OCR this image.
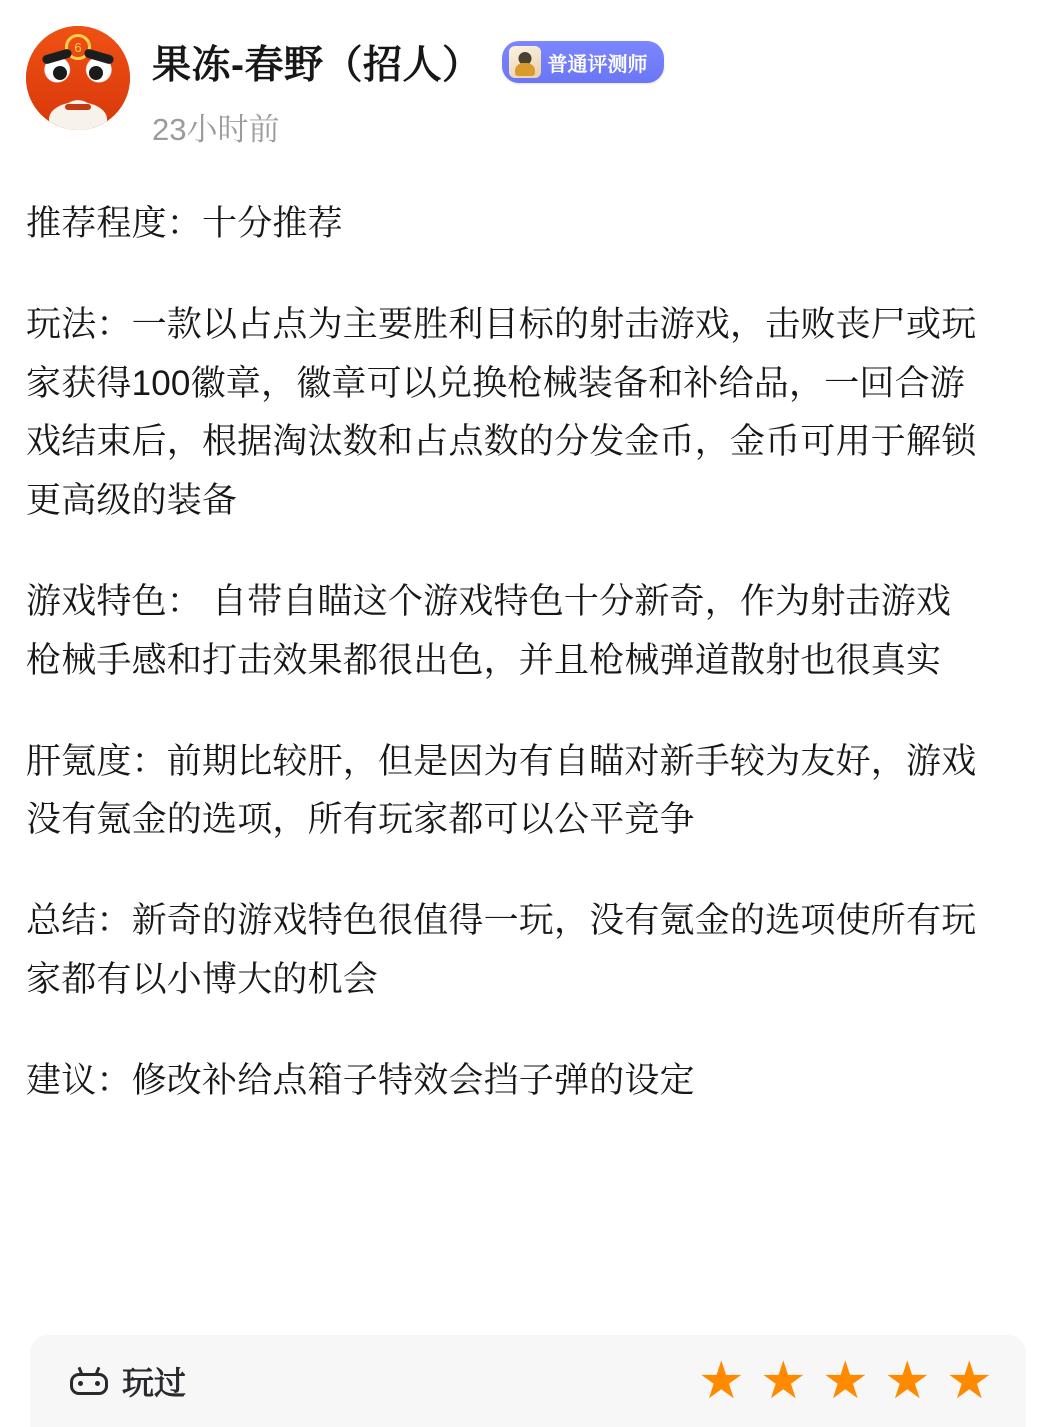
6 果冻-春野（招人）	普通评测师
23小时前

推荐程度：十分推荐

玩法：一款以占点为主要胜利目标的射击游戏，击败丧尸或玩家获得100徽章，徽章可以兑换枪械装备和补给品，一回合游戏结束后，根据淘汰数和占点数的分发金币，金币可用于解锁更高级的装备

游戏特色： 自带自瞄这个游戏特色十分新奇，作为射击游戏枪械手感和打击效果都很出色，并且枪械弹道散射也很真实

肝氪度：前期比较肝，但是因为有自瞄对新手较为友好，游戏没有氪金的选项，所有玩家都可以公平竞争

总结：新奇的游戏特色很值得一玩，没有氪金的选项使所有玩家都有以小博大的机会

建议：修改补给点箱子特效会挡子弹的设定

玩过	★ ★ ★ ★ ★
